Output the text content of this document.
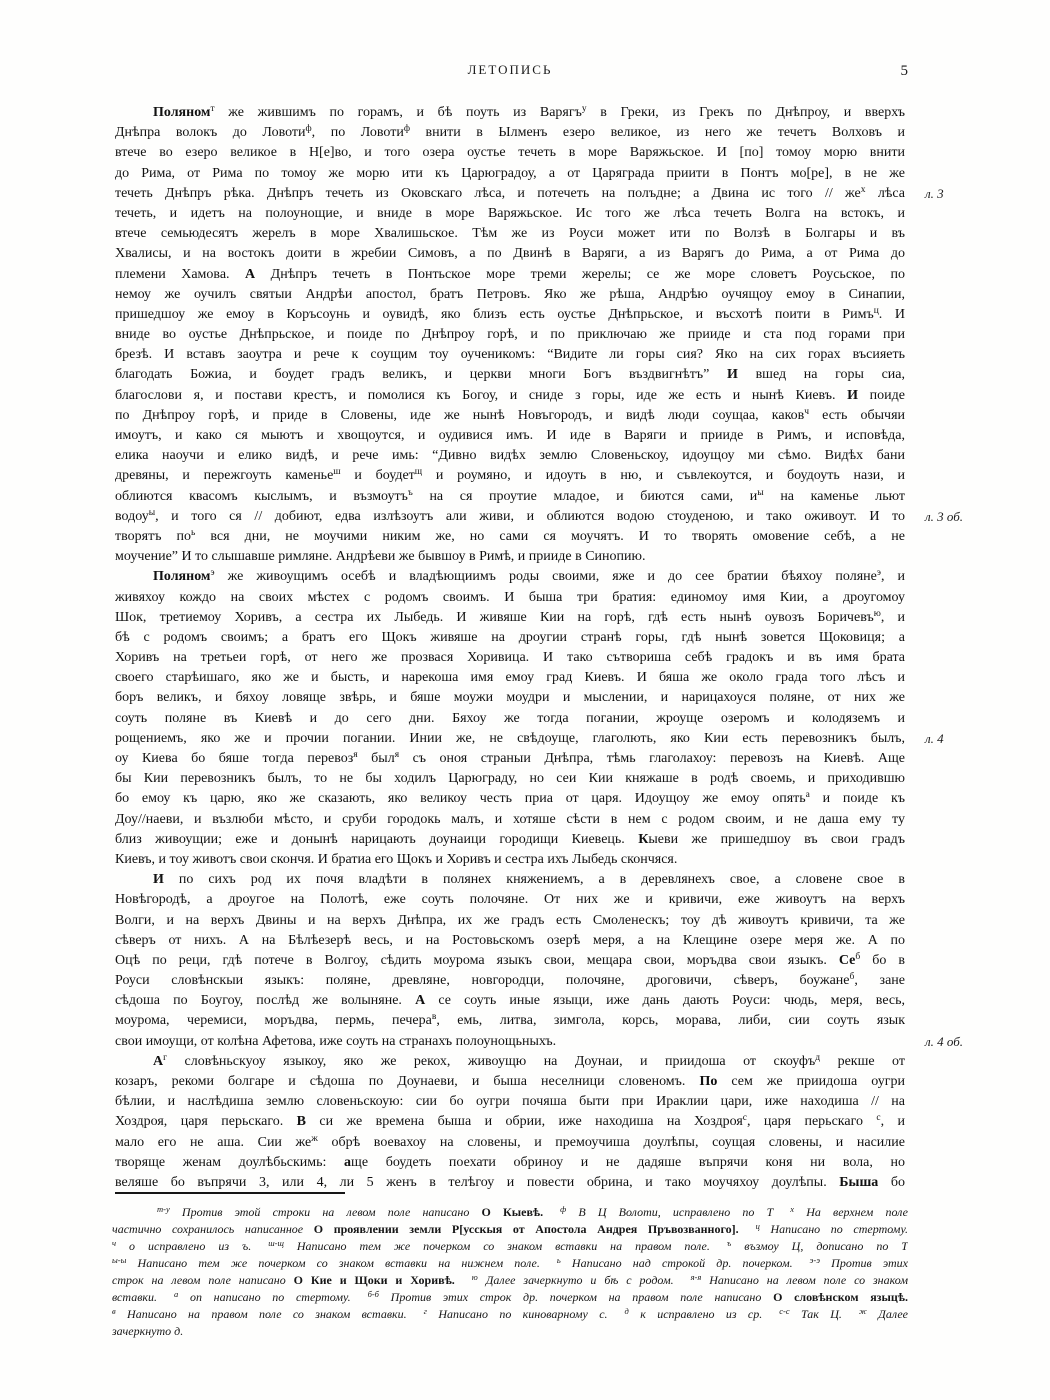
ЛЕТОПИСЬ	5
Поляном$^т$ же жившимъ по горамъ, и бѣ поуть из Варягъ$^у$ в Греки, из Грекъ по Днѣпроу, и вверхъ
Днѣпра волокъ до Ловоти$^ф$, по Ловоти$^ф$ внити в Ылменъ езеро великое, из него же течетъ Волховъ и
втече во езеро великое в Н[е]во, и того озера оустье течеть в море Варяжьское. И [по] томоу морю внити
до Рима, от Рима по томоу же морю ити къ Царюградоу, а от Царяграда приити в Понтъ мо[ре], в не же
течеть Днѣпръ рѣка. Днѣпръ течеть из Оковскаго лѣса, и потечеть на полъдне; а Двина ис того // $же^х$ лѣса
течеть, и идетъ на полоунощие, и вниде в море Варяжьское. Ис того же лѣса течеть Волга на встокъ, и
втече семьюдесятъ жерелъ в море Хвалишьское. Тѣм же из Роуси может ити по Волзѣ в Болгары и въ
Хвалисы, и на востокъ доити в жребии Симовъ, а по Двинѣ в Варяги, а из Варягъ до Рима, а от Рима до
племени Хамова. А Днѣпръ течеть в Понтьское море треми жерелы; се же море словетъ Роусьское, по
немоу же оучилъ святыи Андрѣи апостол, братъ Петровъ. Яко же рѣша, Андрѣю оучящоу емоу в Синапии,
пришедшоу же емоу в Коръсоунь и оувидѣ, яко близъ есть оустье Днѣпрьское, и въсхотѣ поити в Римъ$^ц$. И
вниде во оустье Днѣпрьское, и поиде по Днѣпроу горѣ, и по приключаю же прииде и ста под горами при
брезѣ. И вставъ заоутра и рече к соущим тоу оученикомъ: “Видите ли горы сия? Яко на сих горах въсияеть
благодать Божиа, и боудет градъ великъ, и церкви многи Богъ въздвигнѣтъ” И вшед на горы сиа,
благослови я, и постави крестъ, и помолися къ Богоу, и сниде з горы, иде же есть и нынѣ Киевъ. И поиде
по Днѣпроу горѣ, и приде в Словены, иде же нынѣ Новъгородъ, и видѣ люди соущаа, каков$^ч$ есть обычяи
имоутъ, и како ся мыютъ и хвощоутся, и оудивися имъ. И иде в Варяги и прииде в Римъ, и исповѣда,
елика наоучи и елико видѣ, и рече имь: “Дивно видѣх землю Словеньскоу, идоущоу ми сѣмо. Видѣх бани
древяны, и пережгоуть каменье$^ш$ и боудет$^щ$ и роумяно, и идоуть в ню, и съвлекоутся, и боудоуть нази, и
облиются квасомъ кыслымъ, и възмоутъ$^ъ$ на ся проутие младое, и биются сами, $и^ы$ на каменье льют
водоу$^ы$, и того ся // добиют, едва излѣзоутъ али живи, и облиются водою стоуденою, и тако оживоут. И то
творятъ $по^ь$ вся дни, не моучими никим же, но сами ся моучятъ. И то творять омовение себѣ, а не
моучение” И то слышавше римляне. Андрѣеви же бывшоу в Римѣ, и прииде в Синопию.
Поляном$^э$ же живоущимъ осебѣ и владѣющиимъ роды своими, яже и до сее братии бѣяхоу поляне$^э$, и
живяхоу кождо на своих мѣстех с родомъ своимъ. И быша три братия: единомоу имя Кии, а дроугомоу
Шок, третиемоу Хоривъ, а сестра их Лыбедь. И живяше Кии на горѣ, гдѣ есть нынѣ оувозъ Боричевъ$^ю$, и
бѣ с родомъ своимъ; а братъ его Щокъ живяше на дроугии странѣ горы, гдѣ нынѣ зовется Щоковиця; а
Хоривъ на третьеи горѣ, от него же прозвася Хоривица. И тако сътвориша себѣ градокъ и въ имя брата
своего старѣишаго, яко же и бысть, и нарекоша имя емоу град Киевъ. И бяша же около града того лѣсъ и
боръ великъ, и бяхоу ловяще звѣрь, и бяше моужи моудри и мыслении, и нарицахоуся поляне, от них же
соуть поляне въ Киевѣ и до сего дни. Бяхоу же тогда погании, жроуще озеромъ и колодяземъ и
рощениемъ, яко же и прочии погании. Инии же, не свѣдоуще, глаголють, яко Кии есть перевозникъ былъ,
оу Киева бо бяше тогда перевоз$^я$ был$^я$ съ оноя страныи Днѣпра, тѣмь глаголахоу: перевозъ на Киевѣ. Аще
бы Кии перевозникъ былъ, то не бы ходилъ Царюграду, но сеи Кии княжаше в родѣ своемь, и приходившю
бо емоу къ царю, яко же сказають, яко великоу честь приа от царя. Идоущоу же емоу опять$^а$ и поиде къ
Доу//наеви, и възлюби мѣсто, и сруби городокь малъ, и хотяше сѣсти в нем с родом своим, и не даша ему ту
близ живоущии; еже и донынѣ нарицають доунаици городищи Киевець. Кыеви же пришедшоу въ свои градъ
Киевъ, и тоу животъ свои скончя. И братиа его Щокъ и Хоривъ и сестра ихъ Лыбедь скончяся.
И по сихъ род их почя владѣти в полянех княжениемъ, а в деревлянехъ свое, а словене свое в
Новѣгородѣ, а дроугое на Полотѣ, еже соуть полочяне. От них же и кривичи, еже живоутъ на верхъ
Волги, и на верхъ Двины и на верхъ Днѣпра, их же градъ есть Смоленескъ; тоу дѣ живоутъ кривичи, та же
сѣверъ от нихъ. А на Бѣлѣезерѣ весь, и на Ростовьскомъ озерѣ меря, а на Клещине озере меря же. А по
Оцѣ по реци, гдѣ потече в Волгоу, сѣдить моурома языкъ свои, мещара свои, моръдва свои языкъ. $Се^б$ бо в
Роуси словѣнскыи языкъ: поляне, древляне, новгородци, полочяне, дроговичи, сѣверъ, боужане$^б$, зане
сѣдоша по Боугоу, послѣд же волыняне. А се соуть иные языци, иже дань дають Роуси: чюдь, меря, весь,
моурома, черемиси, моръдва, пермь, печера$^в$, емь, литва, зимгола, корсь, морава, либи, сии соуть язык
свои имоущи, от колѣна Афетова, иже соуть на странахъ полоунощьныхъ.
$А^г$ словѣньскуоу языкоу, яко же рекох, живоущю на Доунаи, и приидоша от скоуфъ$^д$ рекше от
козаръ, рекоми болгаре и сѣдоша по Доунаеви, и быша неселници словеномъ. По сем же приидоша оугри
бѣлии, и наслѣдиша землю словеньскоую: сии бо оугри почяша быти при Ираклии цари, иже находиша // на
Хоздроя, царя перьскаго. В си же времена быша и обрии, иже находиша на Хоздроя$^с$, царя перьскаго $^с$, и
мало его не аша. Сии $же^ж$ обрѣ воевахоу на словены, и премоучиша доулѣпы, соущая словены, и насилие
творяще женам доулѣбьскимь: аще боудеть поехати обриноу и не дадяше въпрячи коня ни вола, но
веляше бо въпрячи 3, или 4, ли 5 женъ в телѣгоу и повести обрина, и тако моучяхоу доулѣпы. Быша бо
$^{т-у}$ Против этой строки на левом поле написано О Кыевѣ. $^ф$ В Ц Волоти, исправлено по Т $^х$ На верхнем поле
частично сохранилось написанное О проявлении земли Р[усскыя от Апостола Андрея Пръвозванного]. $^ц$ Написано по стертому.
$^ч$ о исправлено из ъ. $^{ш-щ}$ Написано тем же почерком со знаком вставки на правом поле. $^ъ$ възмоу Ц, дописано по Т
$^{ы-ы}$ Написано тем же почерком со знаком вставки на нижнем поле. $^ь$ Написано над строкой др. почерком. $^{э-э}$ Против этих
строк на левом поле написано О Кие и Щоки и Хоривѣ. $^ю$ Далее зачеркнуто и бѣ с родом. $^{я-я}$ Написано на левом поле со знаком
вставки. $^а$ оп написано по стертому. $^{б-б}$ Против этих строк др. почерком на правом поле написано О словѣнском языцѣ.
$^в$ Написано на правом поле со знаком вставки. $^г$ Написано по киноварному с. $^д$ к исправлено из ср. $^{с-с}$ Так Ц. $^ж$ Далее
зачеркнуто д.
л. 3
л. 3 об.
л. 4
л. 4 об.
